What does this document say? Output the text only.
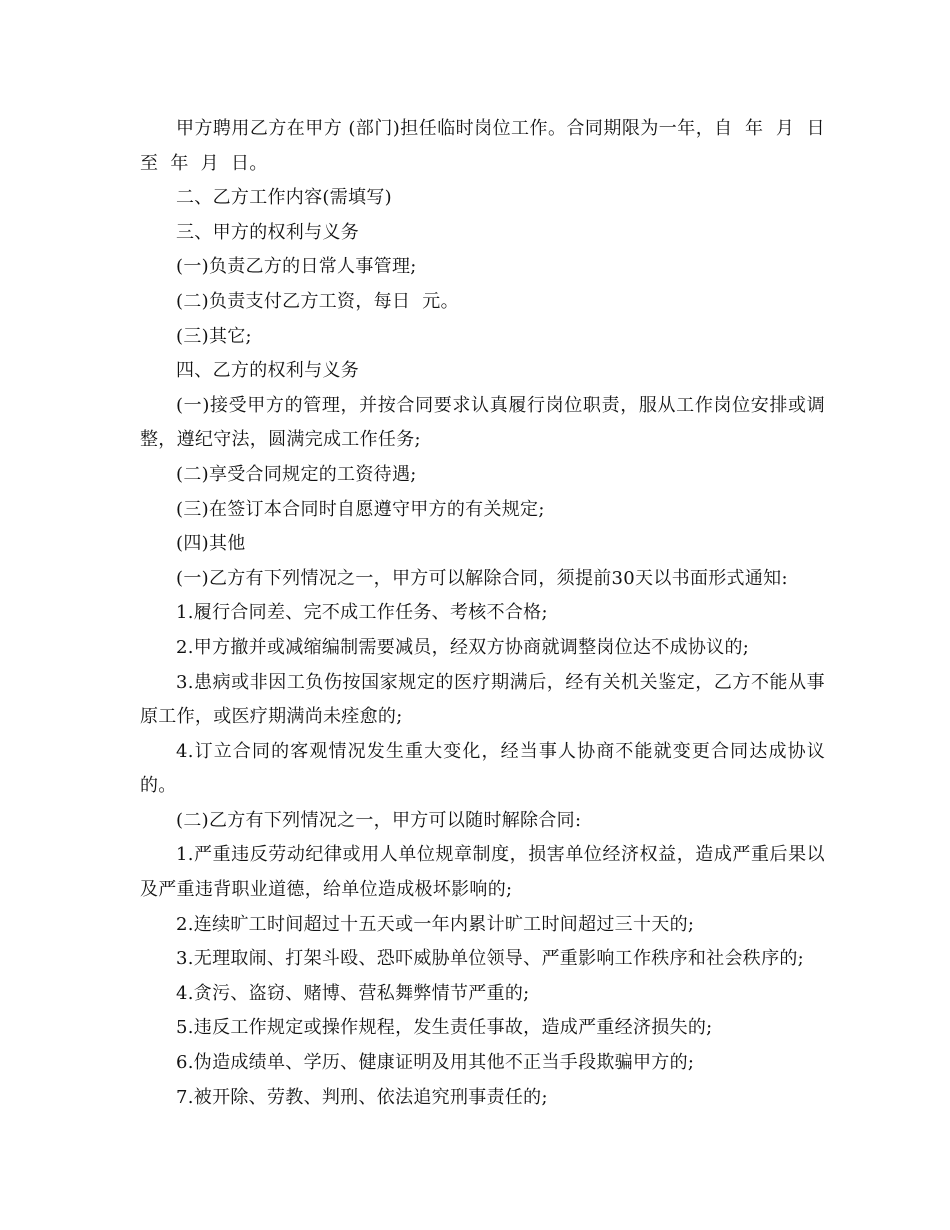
甲方聘用乙方在甲方 (部门)担任临时岗位工作。合同期限为一年，自  年  月  日至  年  月  日。

二、乙方工作内容(需填写)

三、甲方的权利与义务

(一)负责乙方的日常人事管理;

(二)负责支付乙方工资，每日  元。

(三)其它;

四、乙方的权利与义务

(一)接受甲方的管理，并按合同要求认真履行岗位职责，服从工作岗位安排或调整，遵纪守法，圆满完成工作任务;

(二)享受合同规定的工资待遇;

(三)在签订本合同时自愿遵守甲方的有关规定;

(四)其他

(一)乙方有下列情况之一，甲方可以解除合同，须提前30天以书面形式通知:

1.履行合同差、完不成工作任务、考核不合格;

2.甲方撤并或减缩编制需要减员，经双方协商就调整岗位达不成协议的;

3.患病或非因工负伤按国家规定的医疗期满后，经有关机关鉴定，乙方不能从事原工作，或医疗期满尚未痊愈的;

4.订立合同的客观情况发生重大变化，经当事人协商不能就变更合同达成协议的。

(二)乙方有下列情况之一，甲方可以随时解除合同:

1.严重违反劳动纪律或用人单位规章制度，损害单位经济权益，造成严重后果以及严重违背职业道德，给单位造成极坏影响的;

2.连续旷工时间超过十五天或一年内累计旷工时间超过三十天的;

3.无理取闹、打架斗殴、恐吓威胁单位领导、严重影响工作秩序和社会秩序的;

4.贪污、盗窃、赌博、营私舞弊情节严重的;

5.违反工作规定或操作规程，发生责任事故，造成严重经济损失的;

6.伪造成绩单、学历、健康证明及用其他不正当手段欺骗甲方的;

7.被开除、劳教、判刑、依法追究刑事责任的;
